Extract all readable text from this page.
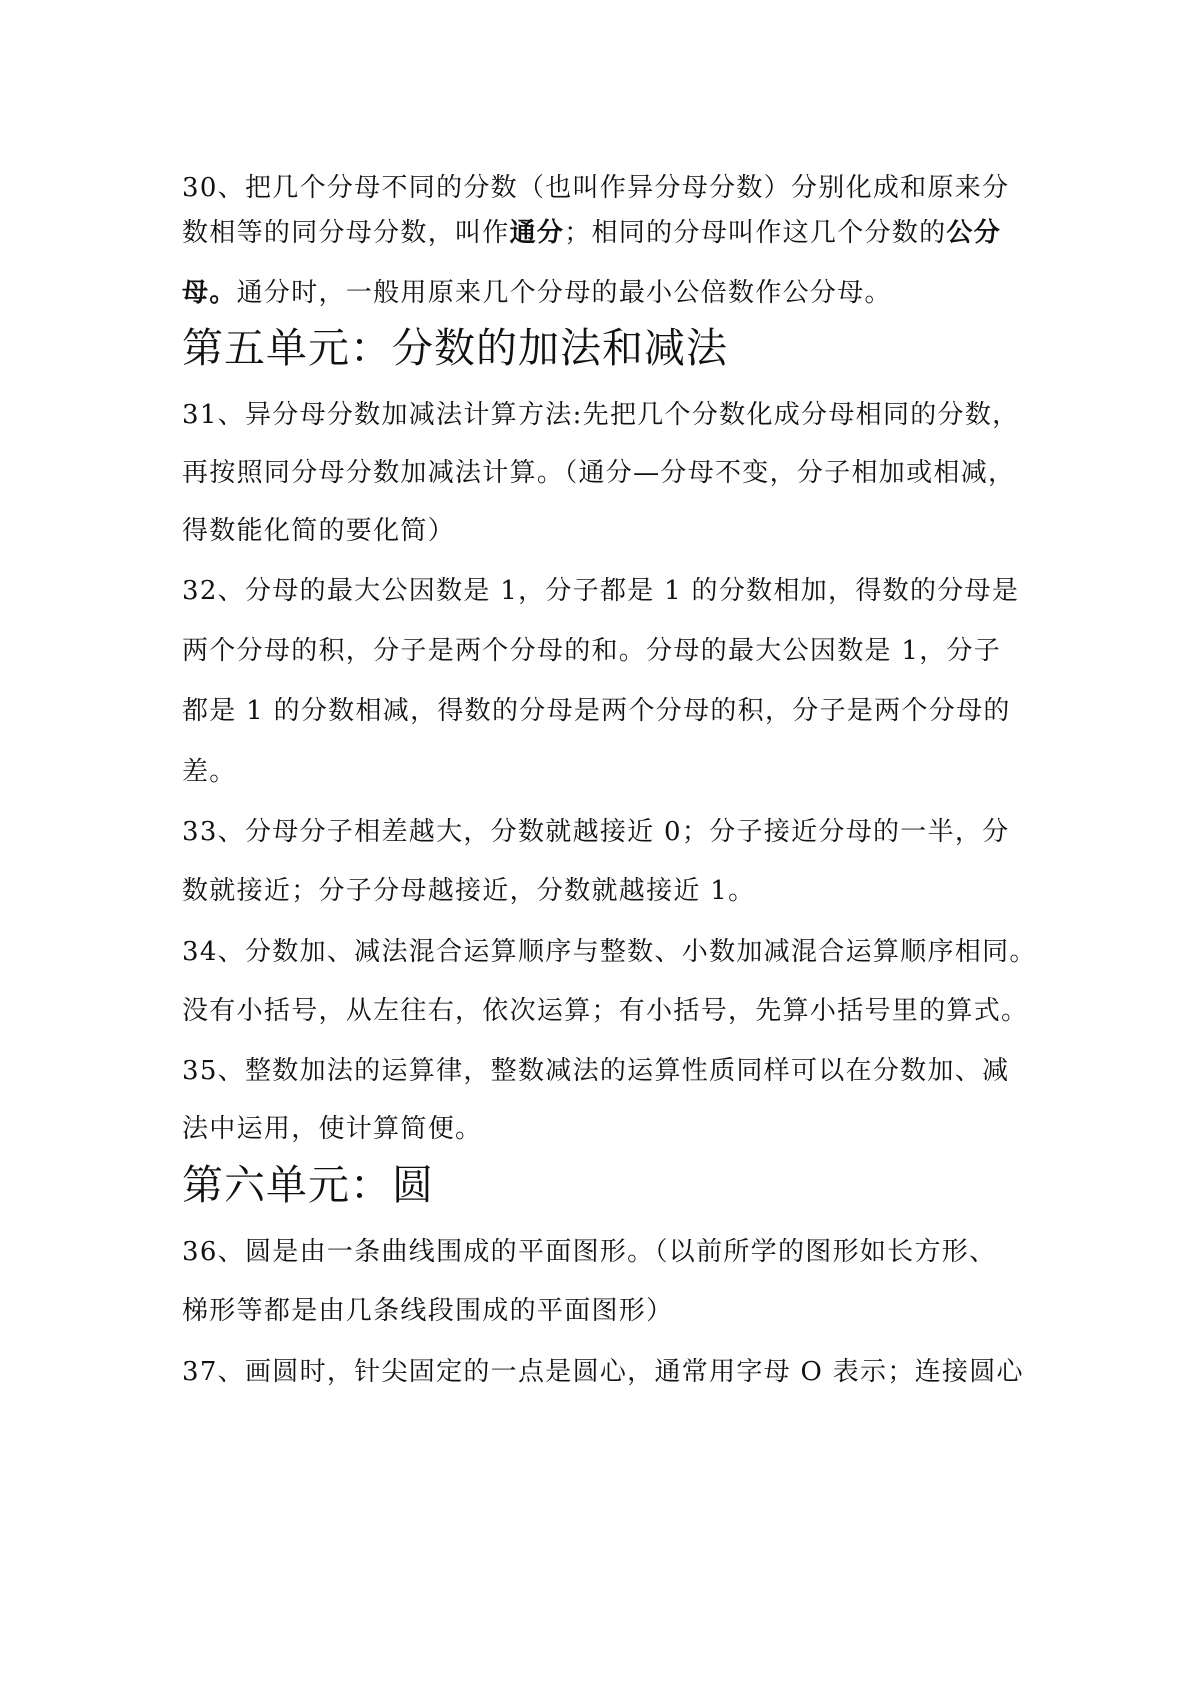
30、把几个分母不同的分数（也叫作异分母分数）分别化成和原来分
数相等的同分母分数，叫作通分；相同的分母叫作这几个分数的公分
母。通分时，一般用原来几个分母的最小公倍数作公分母。
第五单元：分数的加法和减法
31、异分母分数加减法计算方法:先把几个分数化成分母相同的分数，
再按照同分母分数加减法计算。（通分—分母不变，分子相加或相减，
得数能化简的要化简）
32、分母的最大公因数是 1，分子都是 1 的分数相加，得数的分母是
两个分母的积，分子是两个分母的和。分母的最大公因数是 1，分子
都是 1 的分数相减，得数的分母是两个分母的积，分子是两个分母的
差。
33、分母分子相差越大，分数就越接近 0；分子接近分母的一半，分
数就接近；分子分母越接近，分数就越接近 1。
34、分数加、减法混合运算顺序与整数、小数加减混合运算顺序相同。
没有小括号，从左往右，依次运算；有小括号，先算小括号里的算式。
35、整数加法的运算律，整数减法的运算性质同样可以在分数加、减
法中运用，使计算简便。
第六单元：圆
36、圆是由一条曲线围成的平面图形。（以前所学的图形如长方形、
梯形等都是由几条线段围成的平面图形）
37、画圆时，针尖固定的一点是圆心，通常用字母 O 表示；连接圆心
